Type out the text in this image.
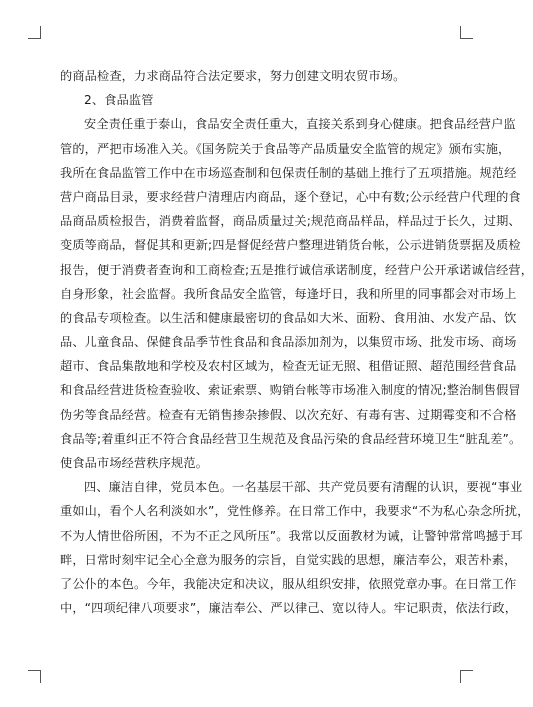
的商品检查，力求商品符合法定要求，努力创建文明农贸市场。
2、食品监管
安全责任重于泰山，食品安全责任重大，直接关系到身心健康。把食品经营户监
管的，严把市场准入关。《国务院关于食品等产品质量安全监管的规定》颁布实施，
我所在食品监管工作中在市场巡查制和包保责任制的基础上推行了五项措施。规范经
营户商品目录，要求经营户清理店内商品，逐个登记，心中有数;公示经营户代理的食
品商品质检报告，消费着监督，商品质量过关;规范商品样品，样品过于长久，过期、
变质等商品，督促其和更新;四是督促经营户整理进销货台帐，公示进销货票据及质检
报告，便于消费者查询和工商检查;五是推行诚信承诺制度，经营户公开承诺诚信经营，
自身形象，社会监督。我所食品安全监管，每逢圩日，我和所里的同事都会对市场上
的食品专项检查。以生活和健康最密切的食品如大米、面粉、食用油、水发产品、饮
品、儿童食品、保健食品季节性食品和食品添加剂为，以集贸市场、批发市场、商场
超市、食品集散地和学校及农村区域为，检查无证无照、租借证照、超范围经营食品
和食品经营进货检查验收、索证索票、购销台帐等市场准入制度的情况;整治制售假冒
伪劣等食品经营。检查有无销售掺杂掺假、以次充好、有毒有害、过期霉变和不合格
食品等;着重纠正不符合食品经营卫生规范及食品污染的食品经营环境卫生“脏乱差”。
使食品市场经营秩序规范。
四、廉洁自律，党员本色。一名基层干部、共产党员要有清醒的认识，要视“事业
重如山，看个人名利淡如水”，党性修养。在日常工作中，我要求“不为私心杂念所扰，
不为人情世俗所困，不为不正之风所压”。我常以反面教材为诫，让警钟常常鸣撼于耳
畔，日常时刻牢记全心全意为服务的宗旨，自觉实践的思想，廉洁奉公，艰苦朴素，
了公仆的本色。今年，我能决定和决议，服从组织安排，依照党章办事。在日常工作
中，“四项纪律八项要求”，廉洁奉公、严以律己、宽以待人。牢记职责，依法行政，
